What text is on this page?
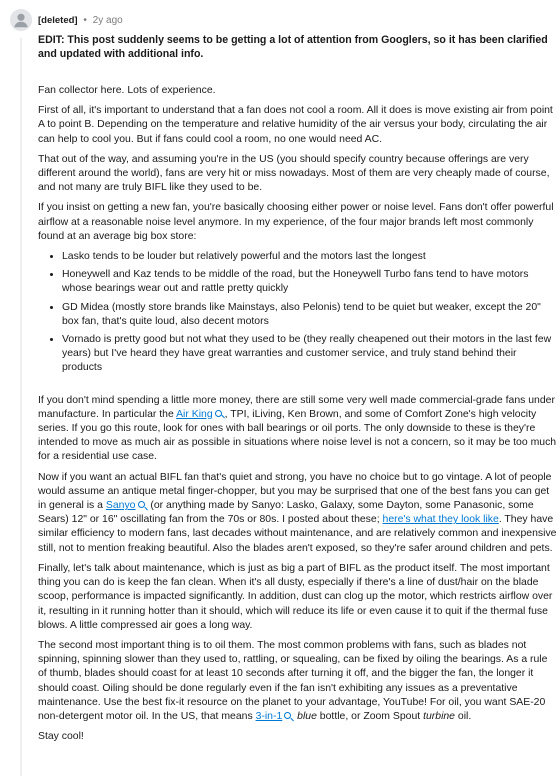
[deleted] • 2y ago

EDIT: This post suddenly seems to be getting a lot of attention from Googlers, so it has been clarified and updated with additional info.

Fan collector here. Lots of experience.

First of all, it's important to understand that a fan does not cool a room. All it does is move existing air from point A to point B. Depending on the temperature and relative humidity of the air versus your body, circulating the air can help to cool you. But if fans could cool a room, no one would need AC.

That out of the way, and assuming you're in the US (you should specify country because offerings are very different around the world), fans are very hit or miss nowadays. Most of them are very cheaply made of course, and not many are truly BIFL like they used to be.

If you insist on getting a new fan, you're basically choosing either power or noise level. Fans don't offer powerful airflow at a reasonable noise level anymore. In my experience, of the four major brands left most commonly found at an average big box store:

• Lasko tends to be louder but relatively powerful and the motors last the longest
• Honeywell and Kaz tends to be middle of the road, but the Honeywell Turbo fans tend to have motors whose bearings wear out and rattle pretty quickly
• GD Midea (mostly store brands like Mainstays, also Pelonis) tend to be quiet but weaker, except the 20" box fan, that's quite loud, also decent motors
• Vornado is pretty good but not what they used to be (they really cheapened out their motors in the last few years) but I've heard they have great warranties and customer service, and truly stand behind their products

If you don't mind spending a little more money, there are still some very well made commercial-grade fans under manufacture. In particular the Air King , TPI, iLiving, Ken Brown, and some of Comfort Zone's high velocity series. If you go this route, look for ones with ball bearings or oil ports. The only downside to these is they're intended to move as much air as possible in situations where noise level is not a concern, so it may be too much for a residential use case.

Now if you want an actual BIFL fan that's quiet and strong, you have no choice but to go vintage. A lot of people would assume an antique metal finger-chopper, but you may be surprised that one of the best fans you can get in general is a Sanyo (or anything made by Sanyo: Lasko, Galaxy, some Dayton, some Panasonic, some Sears) 12" or 16" oscillating fan from the 70s or 80s. I posted about these; here's what they look like. They have similar efficiency to modern fans, last decades without maintenance, and are relatively common and inexpensive still, not to mention freaking beautiful. Also the blades aren't exposed, so they're safer around children and pets.

Finally, let's talk about maintenance, which is just as big a part of BIFL as the product itself. The most important thing you can do is keep the fan clean. When it's all dusty, especially if there's a line of dust/hair on the blade scoop, performance is impacted significantly. In addition, dust can clog up the motor, which restricts airflow over it, resulting in it running hotter than it should, which will reduce its life or even cause it to quit if the thermal fuse blows. A little compressed air goes a long way.

The second most important thing is to oil them. The most common problems with fans, such as blades not spinning, spinning slower than they used to, rattling, or squealing, can be fixed by oiling the bearings. As a rule of thumb, blades should coast for at least 10 seconds after turning it off, and the bigger the fan, the longer it should coast. Oiling should be done regularly even if the fan isn't exhibiting any issues as a preventative maintenance. Use the best fix-it resource on the planet to your advantage, YouTube! For oil, you want SAE-20 non-detergent motor oil. In the US, that means 3-in-1 blue bottle, or Zoom Spout turbine oil.

Stay cool!
